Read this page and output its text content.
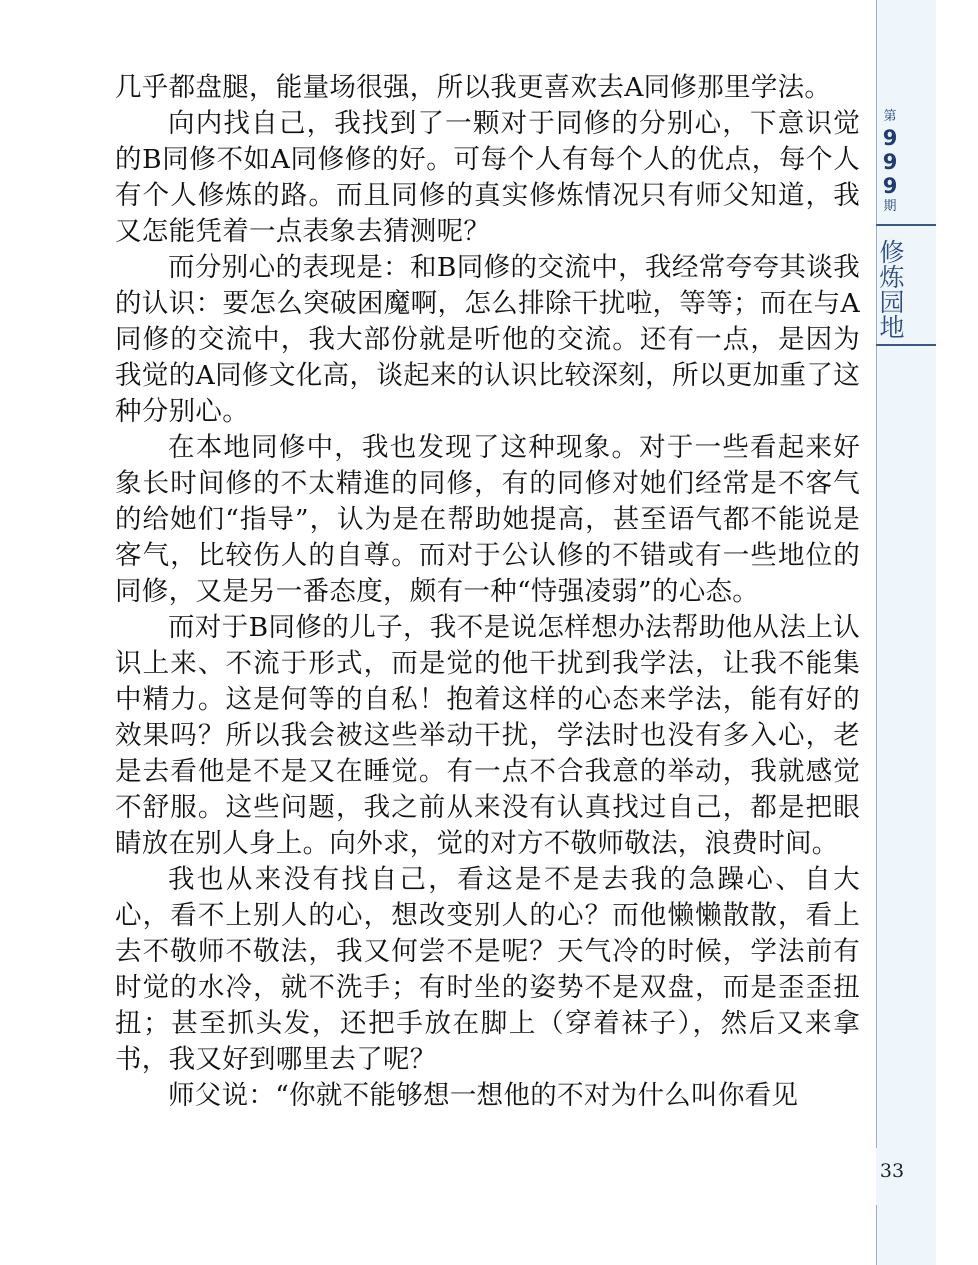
几乎都盘腿，能量场很强，所以我更喜欢去A同修那里学法。

向内找自己，我找到了一颗对于同修的分别心，下意识觉的B同修不如A同修修的好。可每个人有每个人的优点，每个人有个人修炼的路。而且同修的真实修炼情况只有师父知道，我又怎能凭着一点表象去猜测呢？

而分别心的表现是：和B同修的交流中，我经常夸夸其谈我的认识：要怎么突破困魔啊，怎么排除干扰啦，等等；而在与A同修的交流中，我大部份就是听他的交流。还有一点，是因为我觉的A同修文化高，谈起来的认识比较深刻，所以更加重了这种分别心。

在本地同修中，我也发现了这种现象。对于一些看起来好象长时间修的不太精進的同修，有的同修对她们经常是不客气的给她们“指导”，认为是在帮助她提高，甚至语气都不能说是客气，比较伤人的自尊。而对于公认修的不错或有一些地位的同修，又是另一番态度，颇有一种“恃强凌弱”的心态。

而对于B同修的儿子，我不是说怎样想办法帮助他从法上认识上来、不流于形式，而是觉的他干扰到我学法，让我不能集中精力。这是何等的自私！抱着这样的心态来学法，能有好的效果吗？所以我会被这些举动干扰，学法时也没有多入心，老是去看他是不是又在睡觉。有一点不合我意的举动，我就感觉不舒服。这些问题，我之前从来没有认真找过自己，都是把眼睛放在别人身上。向外求，觉的对方不敬师敬法，浪费时间。

我也从来没有找自己，看这是不是去我的急躁心、自大心，看不上别人的心，想改变别人的心？而他懒懒散散，看上去不敬师不敬法，我又何尝不是呢？天气冷的时候，学法前有时觉的水冷，就不洗手；有时坐的姿势不是双盘，而是歪歪扭扭；甚至抓头发，还把手放在脚上（穿着袜子），然后又来拿书，我又好到哪里去了呢？

师父说：“你就不能够想一想他的不对为什么叫你看见

第
9
9
9
期
修炼园地
33
